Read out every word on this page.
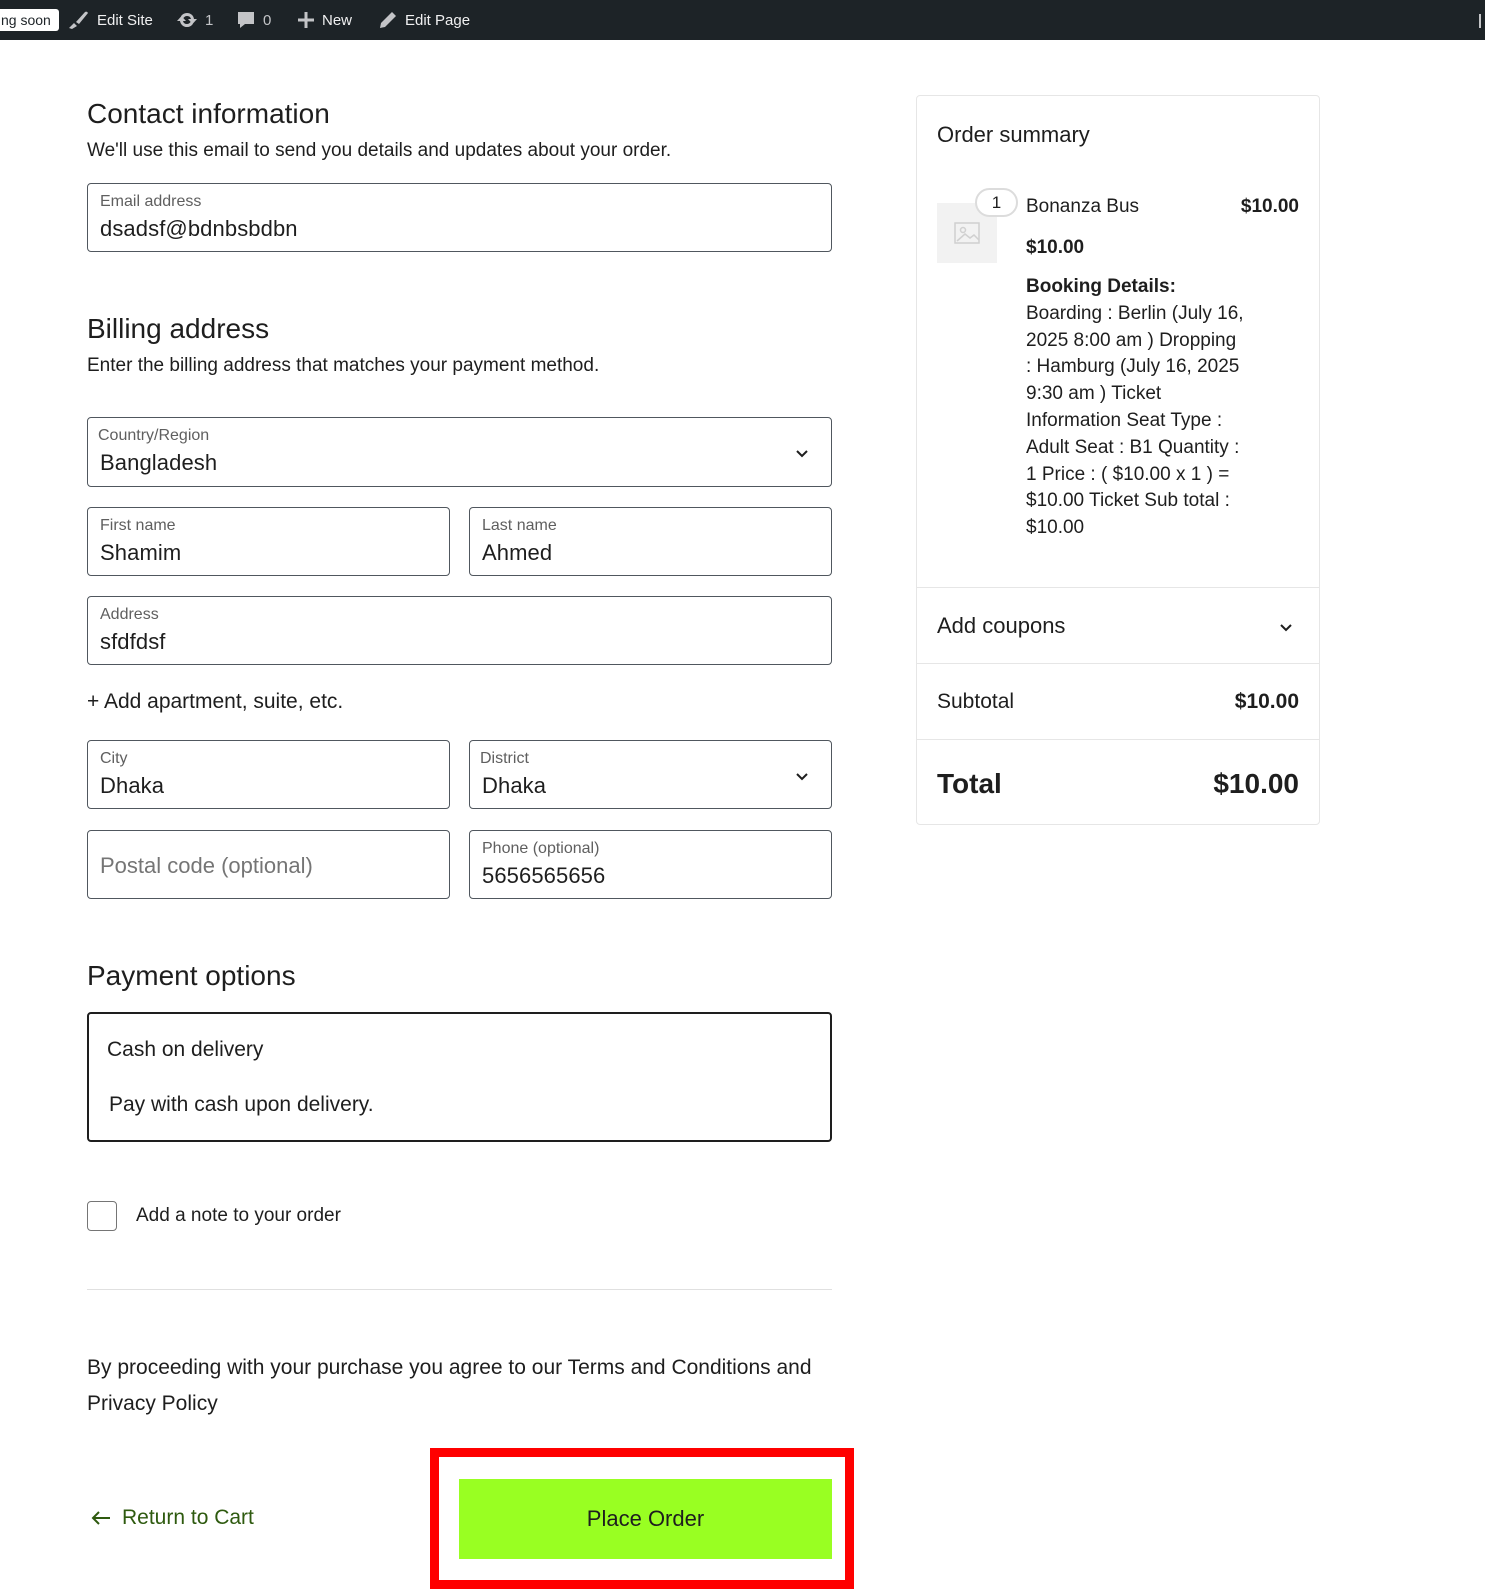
ng soon	Edit Site	1	0	New	Edit Page
Contact information

We'll use this email to send you details and updates about your order.

Email address
dsadsf@bdnbsbdbn
Billing address

Enter the billing address that matches your payment method.

Country/Region
Bangladesh
First name
Shamim
Last name
Ahmed
Address
sfdfdsf
+ Add apartment, suite, etc.
City
Dhaka
District
Dhaka
Postal code (optional)
Phone (optional)
5656565656
Payment options
Cash on delivery
Pay with cash upon delivery.
Add a note to your order

By proceeding with your purchase you agree to our Terms and Conditions and Privacy Policy

Return to Cart	Place Order
Order summary
1	Bonanza Bus	$10.00
$10.00
Booking Details:
Boarding : Berlin (July 16, 2025 8:00 am ) Dropping : Hamburg (July 16, 2025 9:30 am ) Ticket Information Seat Type : Adult Seat : B1 Quantity : 1 Price : ( $10.00 x 1 ) = $10.00 Ticket Sub total : $10.00
Add coupons
Subtotal	$10.00
Total	$10.00
